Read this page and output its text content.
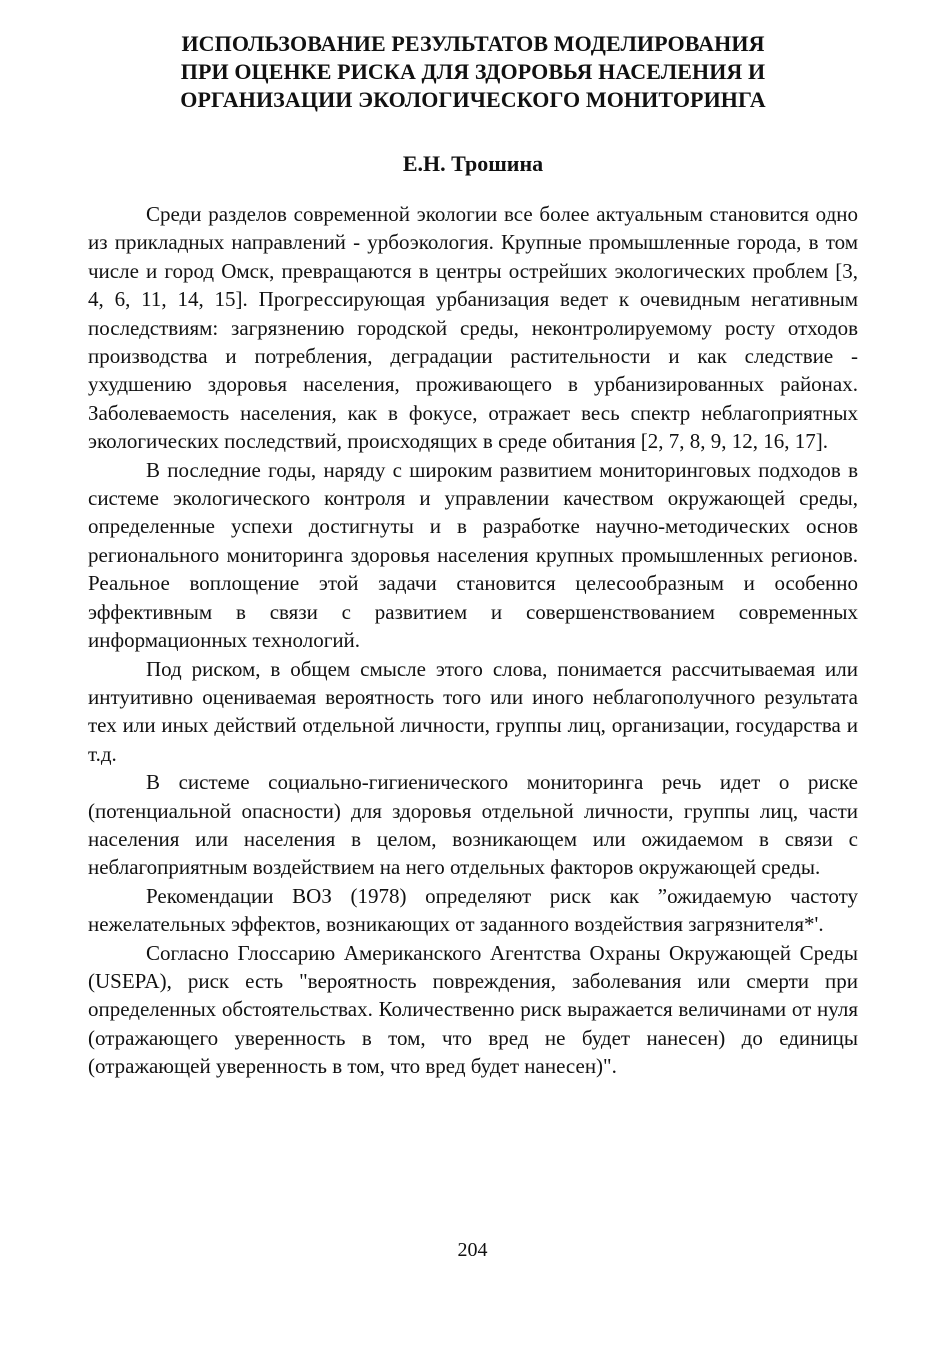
ИСПОЛЬЗОВАНИЕ РЕЗУЛЬТАТОВ МОДЕЛИРОВАНИЯ
ПРИ ОЦЕНКЕ РИСКА ДЛЯ ЗДОРОВЬЯ НАСЕЛЕНИЯ И
ОРГАНИЗАЦИИ ЭКОЛОГИЧЕСКОГО МОНИТОРИНГА
Е.Н. Трошина

Среди разделов современной экологии все более актуальным становится одно из прикладных направлений - урбоэкология. Крупные промышленные города, в том числе и город Омск, превращаются в центры острейших экологических проблем [3, 4, 6, 11, 14, 15]. Прогрессирующая урбанизация ведет к очевидным негативным последствиям: загрязнению городской среды, неконтролируемому росту отходов производства и потребления, деградации растительности и как следствие - ухудшению здоровья населения, проживающего в урбанизированных районах. Заболеваемость населения, как в фокусе, отражает весь спектр неблагоприятных экологических последствий, происходящих в среде обитания [2, 7, 8, 9, 12, 16, 17].

В последние годы, наряду с широким развитием мониторинговых подходов в системе экологического контроля и управлении качеством окружающей среды, определенные успехи достигнуты и в разработке научно-методических основ регионального мониторинга здоровья населения крупных промышленных регионов. Реальное воплощение этой задачи становится целесообразным и особенно эффективным в связи с развитием и совершенствованием современных информационных технологий.

Под риском, в общем смысле этого слова, понимается рассчитываемая или интуитивно оцениваемая вероятность того или иного неблагополучного результата тех или иных действий отдельной личности, группы лиц, организации, государства и т.д.

В системе социально-гигиенического мониторинга речь идет о риске (потенциальной опасности) для здоровья отдельной личности, группы лиц, части населения или населения в целом, возникающем или ожидаемом в связи с неблагоприятным воздействием на него отдельных факторов окружающей среды.

Рекомендации ВОЗ (1978) определяют риск как ”ожидаемую частоту нежелательных эффектов, возникающих от заданного воздействия загрязнителя*'.

Согласно Глоссарию Американского Агентства Охраны Окружающей Среды (USEPA), риск есть "вероятность повреждения, заболевания или смерти при определенных обстоятельствах. Количественно риск выражается величинами от нуля (отражающего уверенность в том, что вред не будет нанесен) до единицы (отражающей уверенность в том, что вред будет нанесен)".

204
